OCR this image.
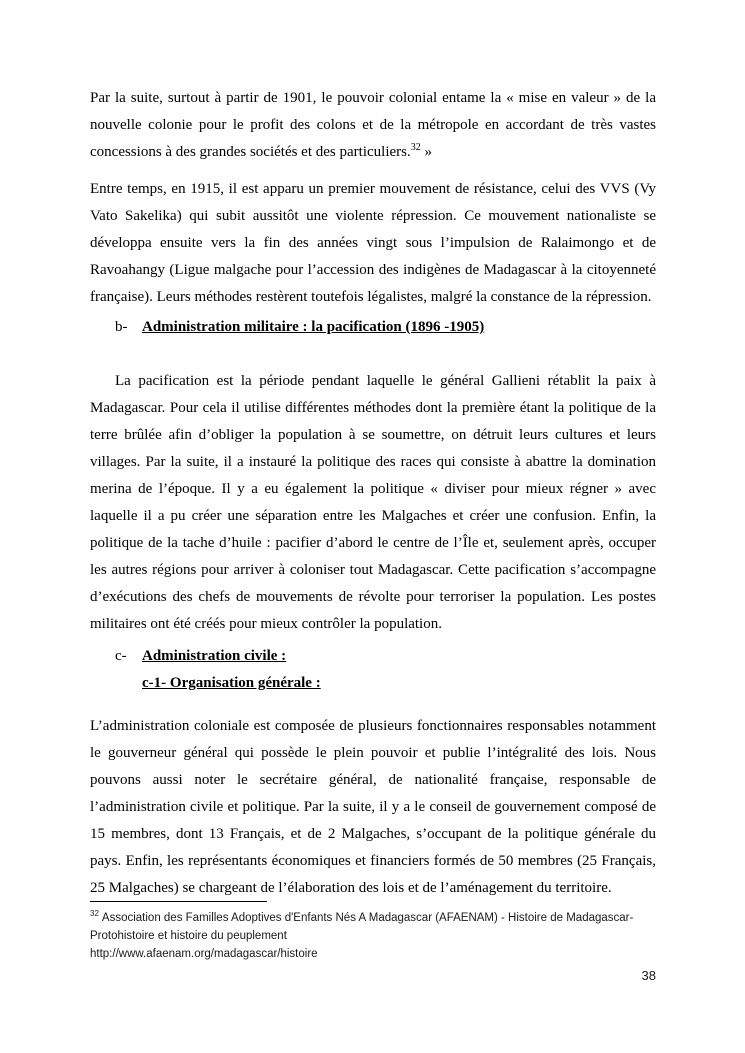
Par la suite, surtout à partir de 1901, le pouvoir colonial entame la « mise en valeur » de la nouvelle colonie pour le profit des colons et de la métropole en accordant de très vastes concessions à des grandes sociétés et des particuliers.$^{32}$ »

Entre temps, en 1915, il est apparu un premier mouvement de résistance, celui des VVS (Vy Vato Sakelika) qui subit aussitôt une violente répression. Ce mouvement nationaliste se développa ensuite vers la fin des années vingt sous l’impulsion de Ralaimongo et de Ravoahangy (Ligue malgache pour l’accession des indigènes de Madagascar à la citoyenneté française). Leurs méthodes restèrent toutefois légalistes, malgré la constance de la répression.

b- Administration militaire : la pacification (1896 -1905)

La pacification est la période pendant laquelle le général Gallieni rétablit la paix à Madagascar. Pour cela il utilise différentes méthodes dont la première étant la politique de la terre brûlée afin d’obliger la population à se soumettre, on détruit leurs cultures et leurs villages. Par la suite, il a instauré la politique des races qui consiste à abattre la domination merina de l’époque. Il y a eu également la politique « diviser pour mieux régner » avec laquelle il a pu créer une séparation entre les Malgaches et créer une confusion. Enfin, la politique de la tache d’huile : pacifier d’abord le centre de l’Île et, seulement après, occuper les autres régions pour arriver à coloniser tout Madagascar. Cette pacification s’accompagne d’exécutions des chefs de mouvements de révolte pour terroriser la population. Les postes militaires ont été créés pour mieux contrôler la population.

c-	Administration civile :
c-1- Organisation générale :

L’administration coloniale est composée de plusieurs fonctionnaires responsables notamment le gouverneur général qui possède le plein pouvoir et publie l’intégralité des lois. Nous pouvons aussi noter le secrétaire général, de nationalité française, responsable de l’administration civile et politique. Par la suite, il y a le conseil de gouvernement composé de 15 membres, dont 13 Français, et de 2 Malgaches, s’occupant de la politique générale du pays. Enfin, les représentants économiques et financiers formés de 50 membres (25 Français, 25 Malgaches) se chargeant de l’élaboration des lois et de l’aménagement du territoire.

$^{32}$ Association des Familles Adoptives d'Enfants Nés A Madagascar (AFAENAM) - Histoire de Madagascar-
Protohistoire et histoire du peuplement
http://www.afaenam.org/madagascar/histoire
38
